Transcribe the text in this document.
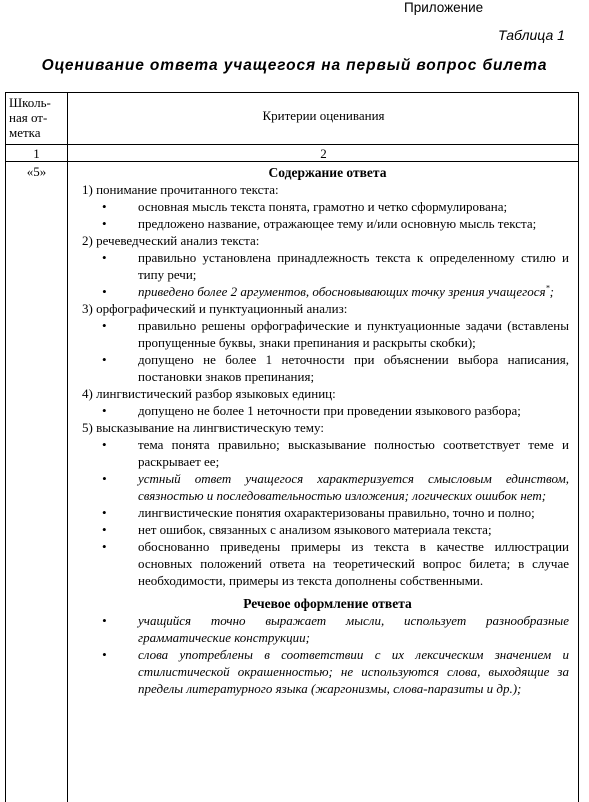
Приложение
Таблица 1
Оценивание ответа учащегося на первый вопрос билета
Школь-
ная от-
метка
Критерии оценивания
1	2
«5»	Содержание ответа
1) понимание прочитанного текста:
• основная мысль текста понята, грамотно и четко сформулирована;
• предложено название, отражающее тему и/или основную мысль текста;
2) речеведческий анализ текста:
• правильно установлена принадлежность текста к определенному стилю и типу речи;
• приведено более 2 аргументов, обосновывающих точку зрения учащегося*;
3) орфографический и пунктуационный анализ:
• правильно решены орфографические и пунктуационные задачи (вставлены пропущенные буквы, знаки препинания и раскрыты скобки);
• допущено не более 1 неточности при объяснении выбора написания, постановки знаков препинания;
4) лингвистический разбор языковых единиц:
• допущено не более 1 неточности при проведении языкового разбора;
5) высказывание на лингвистическую тему:
• тема понята правильно; высказывание полностью соответствует теме и раскрывает ее;
• устный ответ учащегося характеризуется смысловым единством, связностью и последовательностью изложения; логических ошибок нет;
• лингвистические понятия охарактеризованы правильно, точно и полно;
• нет ошибок, связанных с анализом языкового материала текста;
• обоснованно приведены примеры из текста в качестве иллюстрации основных положений ответа на теоретический вопрос билета; в случае необходимости, примеры из текста дополнены собственными.
Речевое оформление ответа
• учащийся точно выражает мысли, использует разнообразные грамматические конструкции;
• слова употреблены в соответствии с их лексическим значением и стилистической окрашенностью; не используются слова, выходящие за пределы литературного языка (жаргонизмы, слова-паразиты и др.);
